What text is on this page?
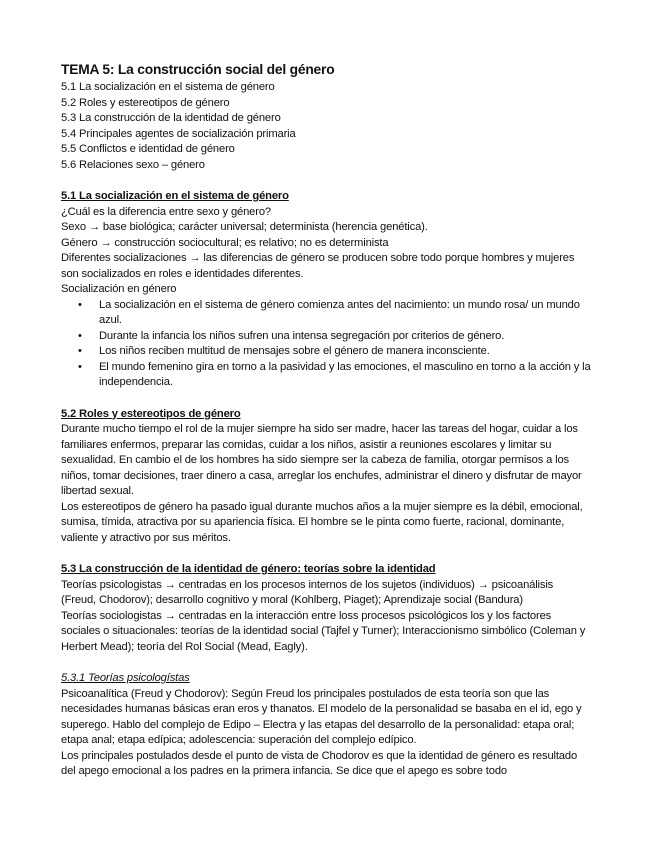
TEMA 5: La construcción social del género
5.1 La socialización en el sistema de género
5.2 Roles y estereotipos de género
5.3 La construcción de la identidad de género
5.4 Principales agentes de socialización primaria
5.5 Conflictos e identidad de género
5.6 Relaciones sexo – género
5.1 La socialización en el sistema de género

¿Cuál es la diferencia entre sexo y género?

Sexo → base biológica; carácter universal; determinista (herencia genética).

Género → construcción sociocultural; es relativo; no es determinista

Diferentes socializaciones → las diferencias de género se producen sobre todo porque hombres y mujeres son socializados en roles e identidades diferentes.

Socialización en género

• La socialización en el sistema de género comienza antes del nacimiento: un mundo rosa/ un mundo azul.
• Durante la infancia los niños sufren una intensa segregación por criterios de género.
• Los niños reciben multitud de mensajes sobre el género de manera inconsciente.
• El mundo femenino gira en torno a la pasividad y las emociones, el masculino en torno a la acción y la independencia.
5.2 Roles y estereotipos de género

Durante mucho tiempo el rol de la mujer siempre ha sido ser madre, hacer las tareas del hogar, cuidar a los familiares enfermos, preparar las comidas, cuidar a los niños, asistir a reuniones escolares y limitar su sexualidad. En cambio el de los hombres ha sido siempre ser la cabeza de familia, otorgar permisos a los niños, tomar decisiones, traer dinero a casa, arreglar los enchufes, administrar el dinero y disfrutar de mayor libertad sexual.

Los estereotipos de género ha pasado igual durante muchos años a la mujer siempre es la débil, emocional, sumisa, tímida, atractiva por su apariencia física. El hombre se le pinta como fuerte, racional, dominante, valiente y atractivo por sus méritos.

5.3 La construcción de la identidad de género: teorías sobre la identidad

Teorías psicologistas → centradas en los procesos internos de los sujetos (individuos) → psicoanálisis (Freud, Chodorov); desarrollo cognitivo y moral (Kohlberg, Piaget); Aprendizaje social (Bandura)

Teorías sociologistas → centradas en la interacción entre loss procesos psicológicos los y los factores sociales o situacionales: teorías de la identidad social (Tajfel y Turner); Interaccionismo simbólico (Coleman y Herbert Mead); teoría del Rol Social (Mead, Eagly).

5.3.1 Teorías psicologístas

Psicoanalítica (Freud y Chodorov): Según Freud los principales postulados de esta teoría son que las necesidades humanas básicas eran eros y thanatos. El modelo de la personalidad se basaba en el id, ego y superego. Hablo del complejo de Edipo – Electra y las etapas del desarrollo de la personalidad: etapa oral; etapa anal; etapa edípica; adolescencia: superación del complejo edípico.

Los principales postulados desde el punto de vista de Chodorov es que la identidad de género es resultado del apego emocional a los padres en la primera infancia. Se dice que el apego es sobre todo
